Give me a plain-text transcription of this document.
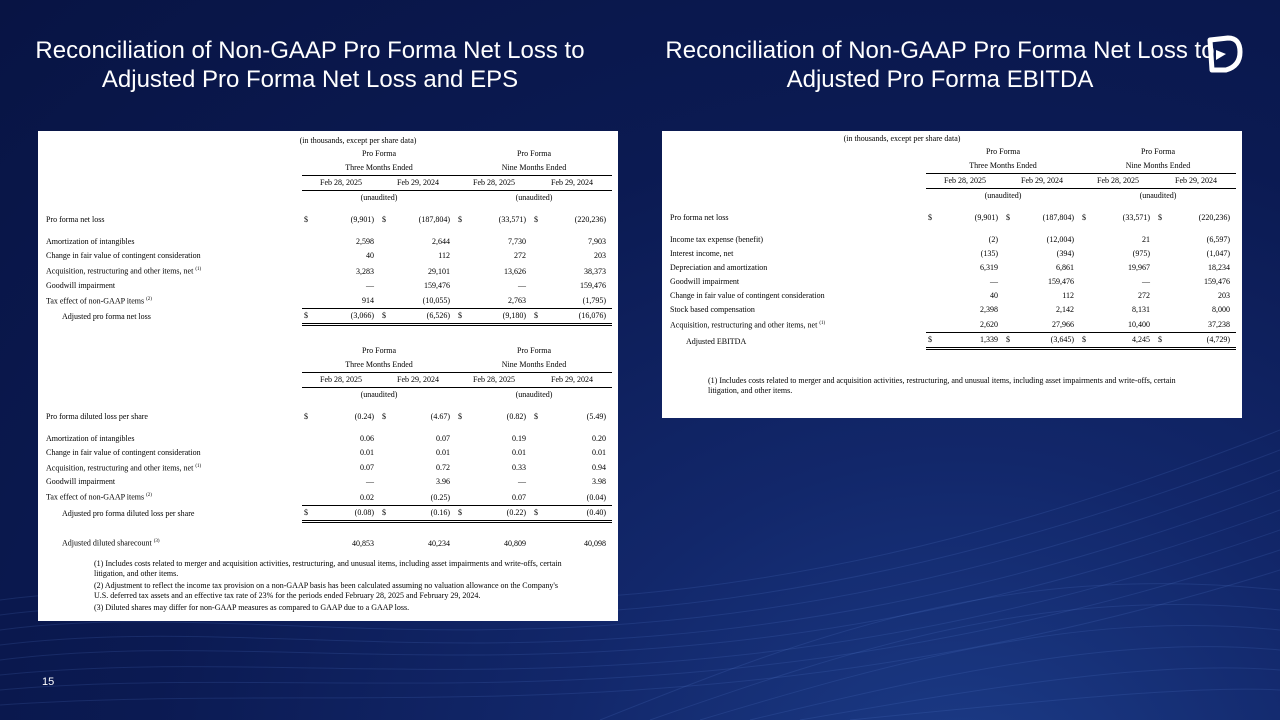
Reconciliation of Non-GAAP Pro Forma Net Loss to Adjusted Pro Forma Net Loss and EPS
Reconciliation of Non-GAAP Pro Forma Net Loss to Adjusted Pro Forma EBITDA
15
(in thousands, except per share data)
	Pro Forma				Pro Forma			
	Three Months Ended				Nine Months Ended			
	Feb 28, 2025		Feb 29, 2024		Feb 28, 2025		Feb 29, 2024	
	(unaudited)				(unaudited)			

Pro forma net loss	$	(9,901)	$	(187,804)	$	(33,571)	$	(220,236)

Amortization of intangibles		2,598		2,644		7,730		7,903
Change in fair value of contingent consideration		40		112		272		203
Acquisition, restructuring and other items, net $^{(1)}$		3,283		29,101		13,626		38,373
Goodwill impairment		—		159,476		—		159,476
Tax effect of non-GAAP items $^{(2)}$		914		(10,055)		2,763		(1,795)
Adjusted pro forma net loss	$	(3,066)	$	(6,526)	$	(9,180)	$	(16,076)
	Pro Forma				Pro Forma			
	Three Months Ended				Nine Months Ended			
	Feb 28, 2025		Feb 29, 2024		Feb 28, 2025		Feb 29, 2024	
	(unaudited)				(unaudited)			

Pro forma diluted loss per share	$	(0.24)	$	(4.67)	$	(0.82)	$	(5.49)

Amortization of intangibles		0.06		0.07		0.19		0.20
Change in fair value of contingent consideration		0.01		0.01		0.01		0.01
Acquisition, restructuring and other items, net $^{(1)}$		0.07		0.72		0.33		0.94
Goodwill impairment		—		3.96		—		3.98
Tax effect of non-GAAP items $^{(2)}$		0.02		(0.25)		0.07		(0.04)
Adjusted pro forma diluted loss per share	$	(0.08)	$	(0.16)	$	(0.22)	$	(0.40)

Adjusted diluted sharecount $^{(3)}$		40,853		40,234		40,809		40,098
(1) Includes costs related to merger and acquisition activities, restructuring, and unusual items, including asset impairments and write-offs, certain litigation, and other items.
(2) Adjustment to reflect the income tax provision on a non-GAAP basis has been calculated assuming no valuation allowance on the Company's U.S. deferred tax assets and an effective tax rate of 23% for the periods ended February 28, 2025 and February 29, 2024.
(3) Diluted shares may differ for non-GAAP measures as compared to GAAP due to a GAAP loss.
(in thousands, except per share data)
	Pro Forma				Pro Forma			
	Three Months Ended				Nine Months Ended			
	Feb 28, 2025		Feb 29, 2024		Feb 28, 2025		Feb 29, 2024	
	(unaudited)				(unaudited)			

Pro forma net loss	$	(9,901)	$	(187,804)	$	(33,571)	$	(220,236)

Income tax expense (benefit)		(2)		(12,004)		21		(6,597)
Interest income, net		(135)		(394)		(975)		(1,047)
Depreciation and amortization		6,319		6,861		19,967		18,234
Goodwill impairment		—		159,476		—		159,476
Change in fair value of contingent consideration		40		112		272		203
Stock based compensation		2,398		2,142		8,131		8,000
Acquisition, restructuring and other items, net $^{(1)}$		2,620		27,966		10,400		37,238
Adjusted EBITDA	$	1,339	$	(3,645)	$	4,245	$	(4,729)
(1) Includes costs related to merger and acquisition activities, restructuring, and unusual items, including asset impairments and write-offs, certain litigation, and other items.
